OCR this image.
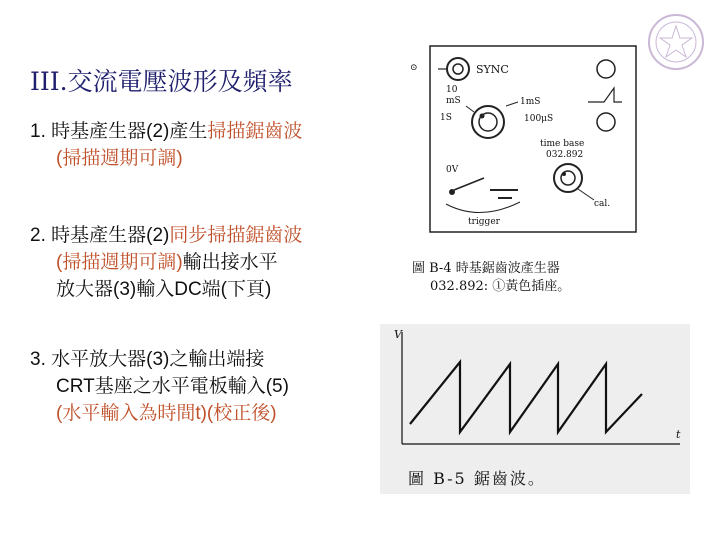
III.交流電壓波形及頻率
1. 時基產生器(2)產生掃描鋸齒波
(掃描週期可調)
2. 時基產生器(2)同步掃描鋸齒波
(掃描週期可調)輸出接水平
放大器(3)輸入DC端(下頁)
3. 水平放大器(3)之輸出端接
CRT基座之水平電板輸入(5)
(水平輸入為時間t)(校正後)
⊙	SYNC
10
mS	1mS
1S	100μS
time base
032.892
cal.
0V
trigger
圖 B-4 時基鋸齒波產生器
032.892: ①黃色插座。
V
t
圖 B-5 鋸齒波。
